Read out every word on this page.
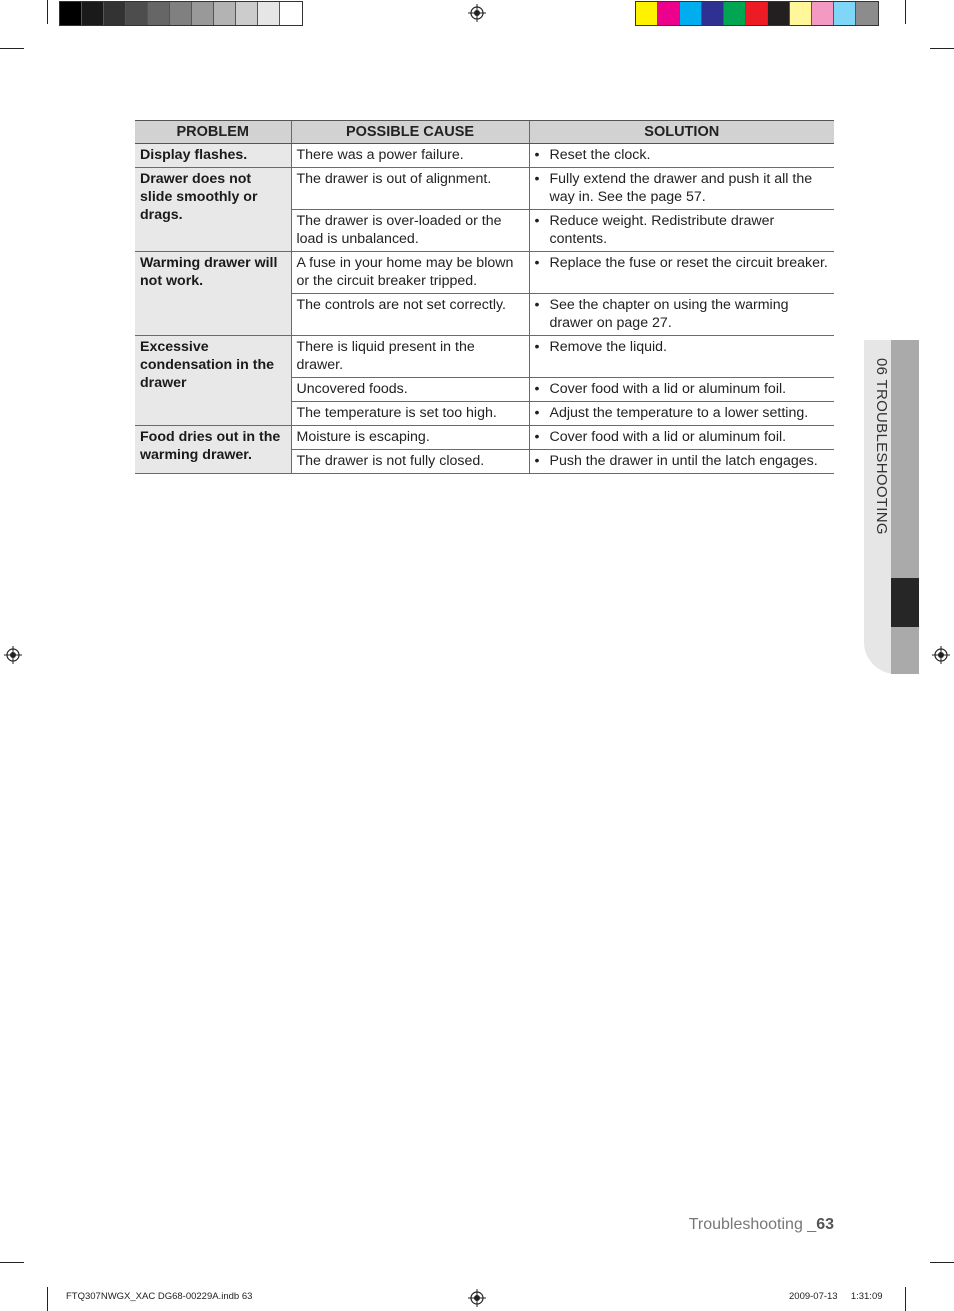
PROBLEM	POSSIBLE CAUSE	SOLUTION
Display flashes.	There was a power failure.	• Reset the clock.

Drawer does not slide smoothly or drags.	The drawer is out of alignment.	• Fully extend the drawer and push it all the way in. See the page 57.

	The drawer is over-loaded or the load is unbalanced.	• Reduce weight. Redistribute drawer contents.

Warming drawer will not work.	A fuse in your home may be blown or the circuit breaker tripped.	• Replace the fuse or reset the circuit breaker.

	The controls are not set correctly.	• See the chapter on using the warming drawer on page 27.

Excessive condensation in the drawer	There is liquid present in the drawer.	• Remove the liquid.

	Uncovered foods.	• Cover food with a lid or aluminum foil.

	The temperature is set too high.	• Adjust the temperature to a lower setting.

Food dries out in the warming drawer.	Moisture is escaping.	• Cover food with a lid or aluminum foil.

	The drawer is not fully closed.	• Push the drawer in until the latch engages.	06 TROUBLESHOOTING
Troubleshooting _63
FTQ307NWGX_XAC DG68-00229A.indb 63	2009-07-13 1:31:09
